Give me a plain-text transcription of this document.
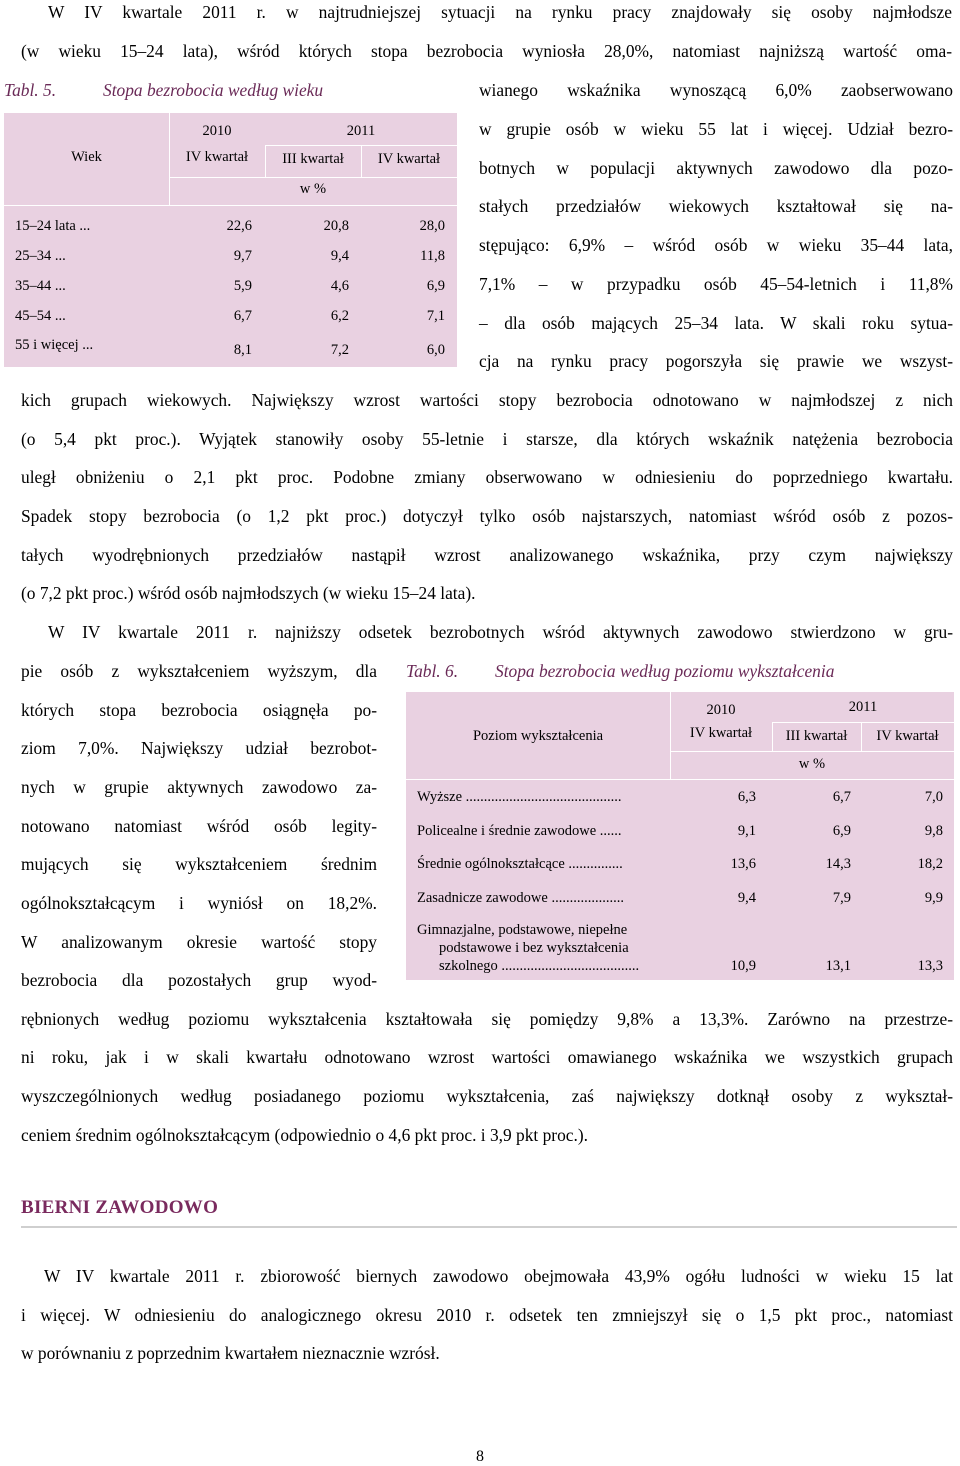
W IV kwartale 2011 r. w najtrudniejszej sytuacji na rynku pracy znajdowały się osoby najmłodsze
(w wieku 15–24 lata), wśród których stopa bezrobocia wyniosła 28,0%, natomiast najniższą wartość oma-
Tabl. 5.	Stopa bezrobocia według wieku
Wiek
2010
IV kwartał
2011
III kwartał	IV kwartał
w %
15–24 lata ...	22,6	20,8	28,0
25–34 ...	9,7	9,4	11,8
35–44 ...	5,9	4,6	6,9
45–54 ...	6,7	6,2	7,1
55 i więcej ...	8,1	7,2	6,0
wianego wskaźnika wynoszącą 6,0% zaobserwowano
w grupie osób w wieku 55 lat i więcej. Udział bezro-
botnych w populacji aktywnych zawodowo dla pozo-
stałych przedziałów wiekowych kształtował się na-
stępująco: 6,9% – wśród osób w wieku 35–44 lata,
7,1% – w przypadku osób 45–54-letnich i 11,8%
– dla osób mających 25–34 lata. W skali roku sytua-
cja na rynku pracy pogorszyła się prawie we wszyst-
kich grupach wiekowych. Największy wzrost wartości stopy bezrobocia odnotowano w najmłodszej z nich
(o 5,4 pkt proc.). Wyjątek stanowiły osoby 55-letnie i starsze, dla których wskaźnik natężenia bezrobocia
uległ obniżeniu o 2,1 pkt proc. Podobne zmiany obserwowano w odniesieniu do poprzedniego kwartału.
Spadek stopy bezrobocia (o 1,2 pkt proc.) dotyczył tylko osób najstarszych, natomiast wśród osób z pozos-
tałych wyodrębnionych przedziałów nastąpił wzrost analizowanego wskaźnika, przy czym największy
(o 7,2 pkt proc.) wśród osób najmłodszych (w wieku 15–24 lata).
W IV kwartale 2011 r. najniższy odsetek bezrobotnych wśród aktywnych zawodowo stwierdzono w gru-
pie osób z wykształceniem wyższym, dla
których stopa bezrobocia osiągnęła po-
ziom 7,0%. Największy udział bezrobot-
nych w grupie aktywnych zawodowo za-
notowano natomiast wśród osób legity-
mujących się wykształceniem średnim
ogólnokształcącym i wyniósł on 18,2%.
W analizowanym okresie wartość stopy
bezrobocia dla pozostałych grup wyod-
Tabl. 6. Stopa bezrobocia według poziomu wykształcenia
Poziom wykształcenia
2010
IV kwartał
2011
III kwartał	IV kwartał
w %
Wyższe ...........................................	6,3	6,7	7,0
Policealne i średnie zawodowe ......	9,1	6,9	9,8
Średnie ogólnokształcące ...............	13,6	14,3	18,2
Zasadnicze zawodowe ....................	9,4	7,9	9,9
Gimnazjalne, podstawowe, niepełne
podstawowe i bez wykształcenia
szkolnego ......................................	10,9	13,1	13,3
rębnionych według poziomu wykształcenia kształtowała się pomiędzy 9,8% a 13,3%. Zarówno na przestrze-
ni roku, jak i w skali kwartału odnotowano wzrost wartości omawianego wskaźnika we wszystkich grupach
wyszczególnionych według posiadanego poziomu wykształcenia, zaś największy dotknął osoby z wykształ-
ceniem średnim ogólnokształcącym (odpowiednio o 4,6 pkt proc. i 3,9 pkt proc.).
BIERNI ZAWODOWO
W IV kwartale 2011 r. zbiorowość biernych zawodowo obejmowała 43,9% ogółu ludności w wieku 15 lat
i więcej. W odniesieniu do analogicznego okresu 2010 r. odsetek ten zmniejszył się o 1,5 pkt proc., natomiast
w porównaniu z poprzednim kwartałem nieznacznie wzrósł.
8
